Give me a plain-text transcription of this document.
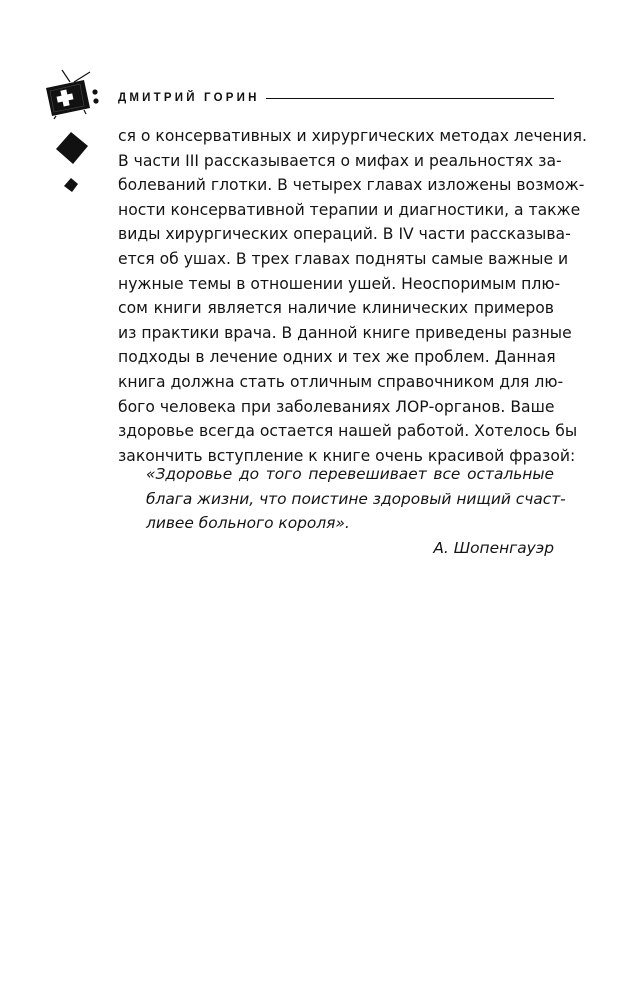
ДМИТРИЙ ГОРИН
ся о консервативных и хирургических методах лечения.
В части III рассказывается о мифах и реальностях за-
болеваний глотки. В четырех главах изложены возмож-
ности консервативной терапии и диагностики, а также
виды хирургических операций. В IV части рассказыва-
ется об ушах. В трех главах подняты самые важные и
нужные темы в отношении ушей. Неоспоримым плю-
сом книги является наличие клинических примеров
из практики врача. В данной книге приведены разные
подходы в лечение одних и тех же проблем. Данная
книга должна стать отличным справочником для лю-
бого человека при заболеваниях ЛОР-органов. Ваше
здоровье всегда остается нашей работой. Хотелось бы
закончить вступление к книге очень красивой фразой:
«Здоровье до того перевешивает все остальные
блага жизни, что поистине здоровый нищий счаст-
ливее больного короля».
А. Шопенгауэр
